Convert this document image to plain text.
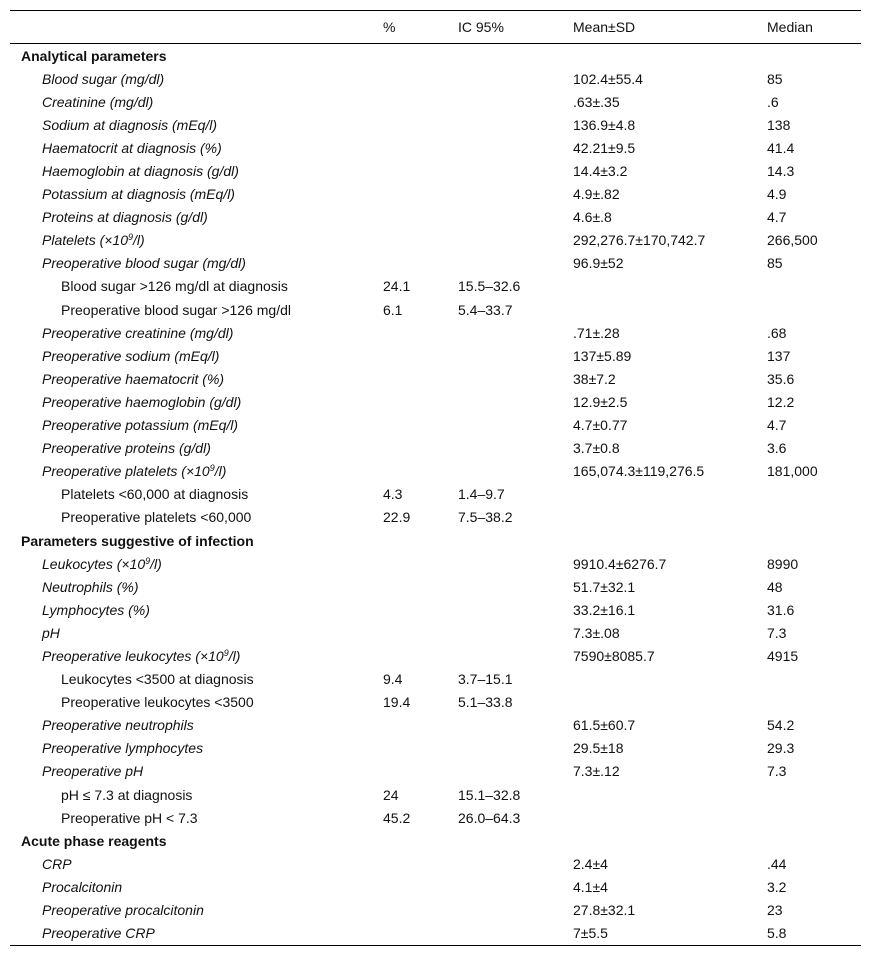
	%	IC 95%	Mean±SD	Median
Analytical parameters				
Blood sugar (mg/dl)			102.4±55.4	85
Creatinine (mg/dl)			.63±.35	.6
Sodium at diagnosis (mEq/l)			136.9±4.8	138
Haematocrit at diagnosis (%)			42.21±9.5	41.4
Haemoglobin at diagnosis (g/dl)			14.4±3.2	14.3
Potassium at diagnosis (mEq/l)			4.9±.82	4.9
Proteins at diagnosis (g/dl)			4.6±.8	4.7
Platelets $(\times 10^9/l)$			292,276.7±170,742.7	266,500
Preoperative blood sugar (mg/dl)			96.9±52	85
Blood sugar >126 mg/dl at diagnosis	24.1	15.5–32.6		
Preoperative blood sugar >126 mg/dl	6.1	5.4–33.7		
Preoperative creatinine (mg/dl)			.71±.28	.68
Preoperative sodium (mEq/l)			137±5.89	137
Preoperative haematocrit (%)			38±7.2	35.6
Preoperative haemoglobin (g/dl)			12.9±2.5	12.2
Preoperative potassium (mEq/l)			4.7±0.77	4.7
Preoperative proteins (g/dl)			3.7±0.8	3.6
Preoperative platelets $(\times 10^9/l)$			165,074.3±119,276.5	181,000
Platelets <60,000 at diagnosis	4.3	1.4–9.7		
Preoperative platelets <60,000	22.9	7.5–38.2		
Parameters suggestive of infection				
Leukocytes $(\times 10^9/l)$			9910.4±6276.7	8990
Neutrophils (%)			51.7±32.1	48
Lymphocytes (%)			33.2±16.1	31.6
pH			7.3±.08	7.3
Preoperative leukocytes $(\times 10^9/l)$			7590±8085.7	4915
Leukocytes <3500 at diagnosis	9.4	3.7–15.1		
Preoperative leukocytes <3500	19.4	5.1–33.8		
Preoperative neutrophils			61.5±60.7	54.2
Preoperative lymphocytes			29.5±18	29.3
Preoperative pH			7.3±.12	7.3
pH ≤ 7.3 at diagnosis	24	15.1–32.8		
Preoperative pH < 7.3	45.2	26.0–64.3		
Acute phase reagents				
CRP			2.4±4	.44
Procalcitonin			4.1±4	3.2
Preoperative procalcitonin			27.8±32.1	23
Preoperative CRP			7±5.5	5.8
